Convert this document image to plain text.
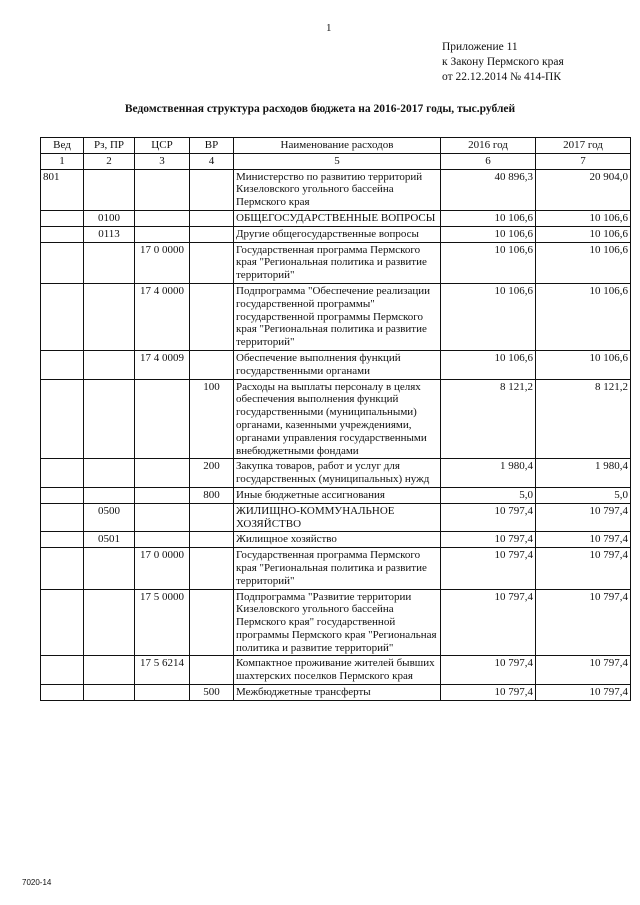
1
Приложение 11
к Закону Пермского края
от 22.12.2014 № 414-ПК
Ведомственная структура расходов бюджета на 2016-2017 годы, тыс.рублей
Вед	Рз, ПР	ЦСР	ВР	Наименование расходов	2016 год	2017 год
1	2	3	4	5	6	7
801				Министерство по развитию территорий Кизеловского угольного бассейна Пермского края	40 896,3	20 904,0
	0100			ОБЩЕГОСУДАРСТВЕННЫЕ ВОПРОСЫ	10 106,6	10 106,6
	0113			Другие общегосударственные вопросы	10 106,6	10 106,6
		17 0 0000		Государственная программа Пермского края "Региональная политика и развитие территорий"	10 106,6	10 106,6
		17 4 0000		Подпрограмма "Обеспечение реализации государственной программы" государственной программы Пермского края "Региональная политика и развитие территорий"	10 106,6	10 106,6
		17 4 0009		Обеспечение выполнения функций государственными органами	10 106,6	10 106,6
			100	Расходы на выплаты персоналу в целях обеспечения выполнения функций государственными (муниципальными) органами, казенными учреждениями, органами управления государственными внебюджетными фондами	8 121,2	8 121,2
			200	Закупка товаров, работ и услуг для государственных (муниципальных) нужд	1 980,4	1 980,4
			800	Иные бюджетные ассигнования	5,0	5,0
	0500			ЖИЛИЩНО-КОММУНАЛЬНОЕ ХОЗЯЙСТВО	10 797,4	10 797,4
	0501			Жилищное хозяйство	10 797,4	10 797,4
		17 0 0000		Государственная программа Пермского края "Региональная политика и развитие территорий"	10 797,4	10 797,4
		17 5 0000		Подпрограмма "Развитие территории Кизеловского угольного бассейна Пермского края" государственной программы Пермского края "Региональная политика и развитие территорий"	10 797,4	10 797,4
		17 5 6214		Компактное проживание жителей бывших шахтерских поселков Пермского края	10 797,4	10 797,4
			500	Межбюджетные трансферты	10 797,4	10 797,4
7020-14
